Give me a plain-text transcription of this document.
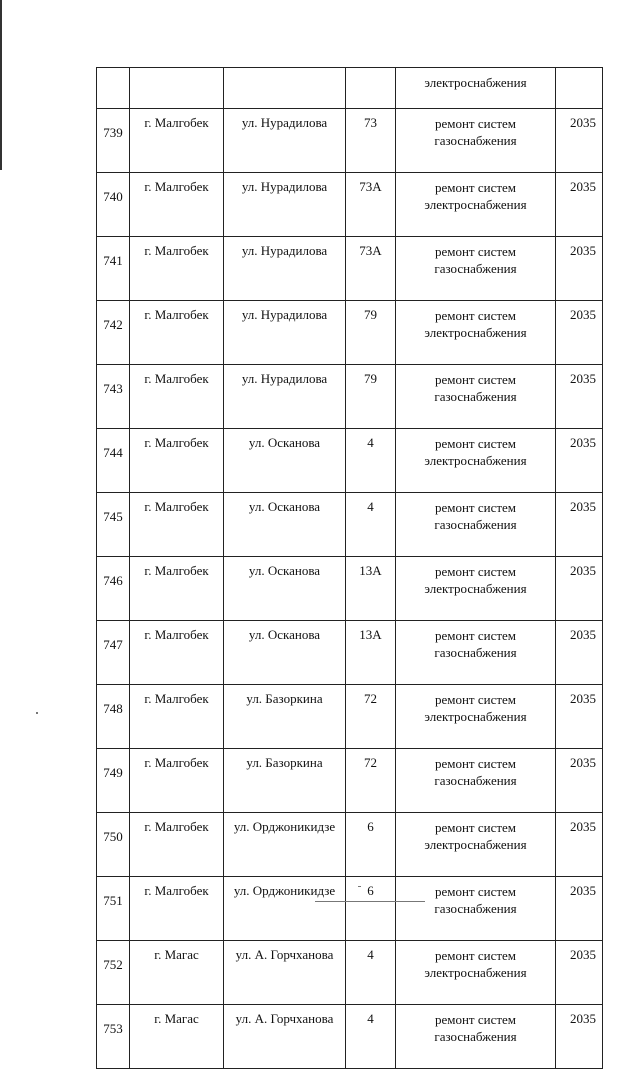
				электроснабжения	

739	г. Малгобек	ул. Нурадилова	73	ремонт систем
газоснабжения	2035

740	г. Малгобек	ул. Нурадилова	73А	ремонт систем
электроснабжения	2035

741	г. Малгобек	ул. Нурадилова	73А	ремонт систем
газоснабжения	2035

742	г. Малгобек	ул. Нурадилова	79	ремонт систем
электроснабжения	2035

743	г. Малгобек	ул. Нурадилова	79	ремонт систем
газоснабжения	2035

744	г. Малгобек	ул. Осканова	4	ремонт систем
электроснабжения	2035

745	г. Малгобек	ул. Осканова	4	ремонт систем
газоснабжения	2035

746	г. Малгобек	ул. Осканова	13А	ремонт систем
электроснабжения	2035

747	г. Малгобек	ул. Осканова	13А	ремонт систем
газоснабжения	2035

748	г. Малгобек	ул. Базоркина	72	ремонт систем
электроснабжения	2035

749	г. Малгобек	ул. Базоркина	72	ремонт систем
газоснабжения	2035

750	г. Малгобек	ул. Орджоникидзе	6	ремонт систем
электроснабжения	2035

751	г. Малгобек	ул. Орджоникидзе	6	ремонт систем
газоснабжения	2035

752	г. Магас	ул. А. Горчханова	4	ремонт систем
электроснабжения	2035

753	г. Магас	ул. А. Горчханова	4	ремонт систем
газоснабжения	2035
